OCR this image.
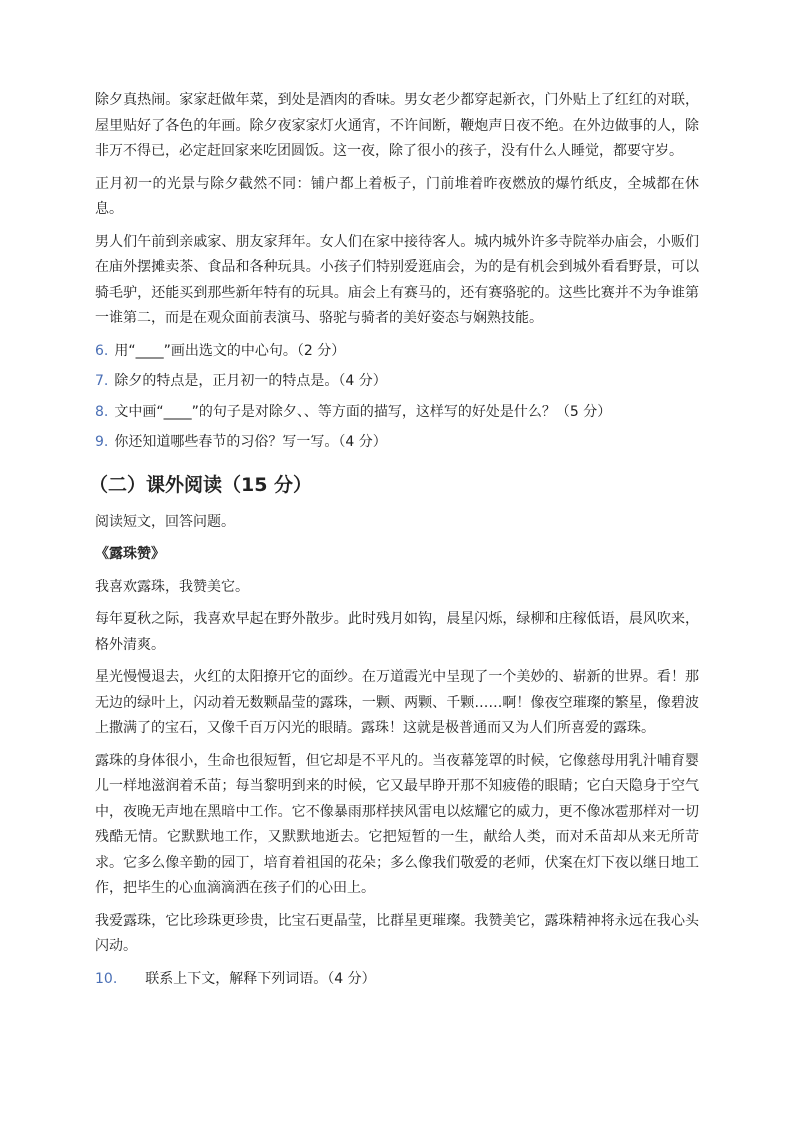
除夕真热闹。家家赶做年菜，到处是酒肉的香味。男女老少都穿起新衣，门外贴上了红红的对联，屋里贴好了各色的年画。除夕夜家家灯火通宵，不许间断，鞭炮声日夜不绝。在外边做事的人，除非万不得已，必定赶回家来吃团圆饭。这一夜，除了很小的孩子，没有什么人睡觉，都要守岁。

正月初一的光景与除夕截然不同：铺户都上着板子，门前堆着昨夜燃放的爆竹纸皮，全城都在休息。

男人们午前到亲戚家、朋友家拜年。女人们在家中接待客人。城内城外许多寺院举办庙会，小贩们在庙外摆摊卖茶、食品和各种玩具。小孩子们特别爱逛庙会，为的是有机会到城外看看野景，可以骑毛驴，还能买到那些新年特有的玩具。庙会上有赛马的，还有赛骆驼的。这些比赛并不为争谁第一谁第二，而是在观众面前表演马、骆驼与骑者的美好姿态与娴熟技能。

6. 用“____”画出选文的中心句。（2 分）
7. 除夕的特点是，正月初一的特点是。（4 分）
8. 文中画“____”的句子是对除夕、、等方面的描写，这样写的好处是什么？（5 分）
9. 你还知道哪些春节的习俗？写一写。（4 分）
（二）课外阅读（15 分）

阅读短文，回答问题。

《露珠赞》

我喜欢露珠，我赞美它。

每年夏秋之际，我喜欢早起在野外散步。此时残月如钩，晨星闪烁，绿柳和庄稼低语，晨风吹来，格外清爽。

星光慢慢退去，火红的太阳撩开它的面纱。在万道霞光中呈现了一个美妙的、崭新的世界。看！那无边的绿叶上，闪动着无数颗晶莹的露珠，一颗、两颗、千颗……啊！像夜空璀璨的繁星，像碧波上撒满了的宝石，又像千百万闪光的眼睛。露珠！这就是极普通而又为人们所喜爱的露珠。

露珠的身体很小，生命也很短暂，但它却是不平凡的。当夜幕笼罩的时候，它像慈母用乳汁哺育婴儿一样地滋润着禾苗；每当黎明到来的时候，它又最早睁开那不知疲倦的眼睛；它白天隐身于空气中，夜晚无声地在黑暗中工作。它不像暴雨那样挟风雷电以炫耀它的威力，更不像冰雹那样对一切残酷无情。它默默地工作，又默默地逝去。它把短暂的一生，献给人类，而对禾苗却从来无所苛求。它多么像辛勤的园丁，培育着祖国的花朵；多么像我们敬爱的老师，伏案在灯下夜以继日地工作，把毕生的心血滴滴洒在孩子们的心田上。

我爱露珠，它比珍珠更珍贵，比宝石更晶莹，比群星更璀璨。我赞美它，露珠精神将永远在我心头闪动。

10. 联系上下文，解释下列词语。（4 分）
